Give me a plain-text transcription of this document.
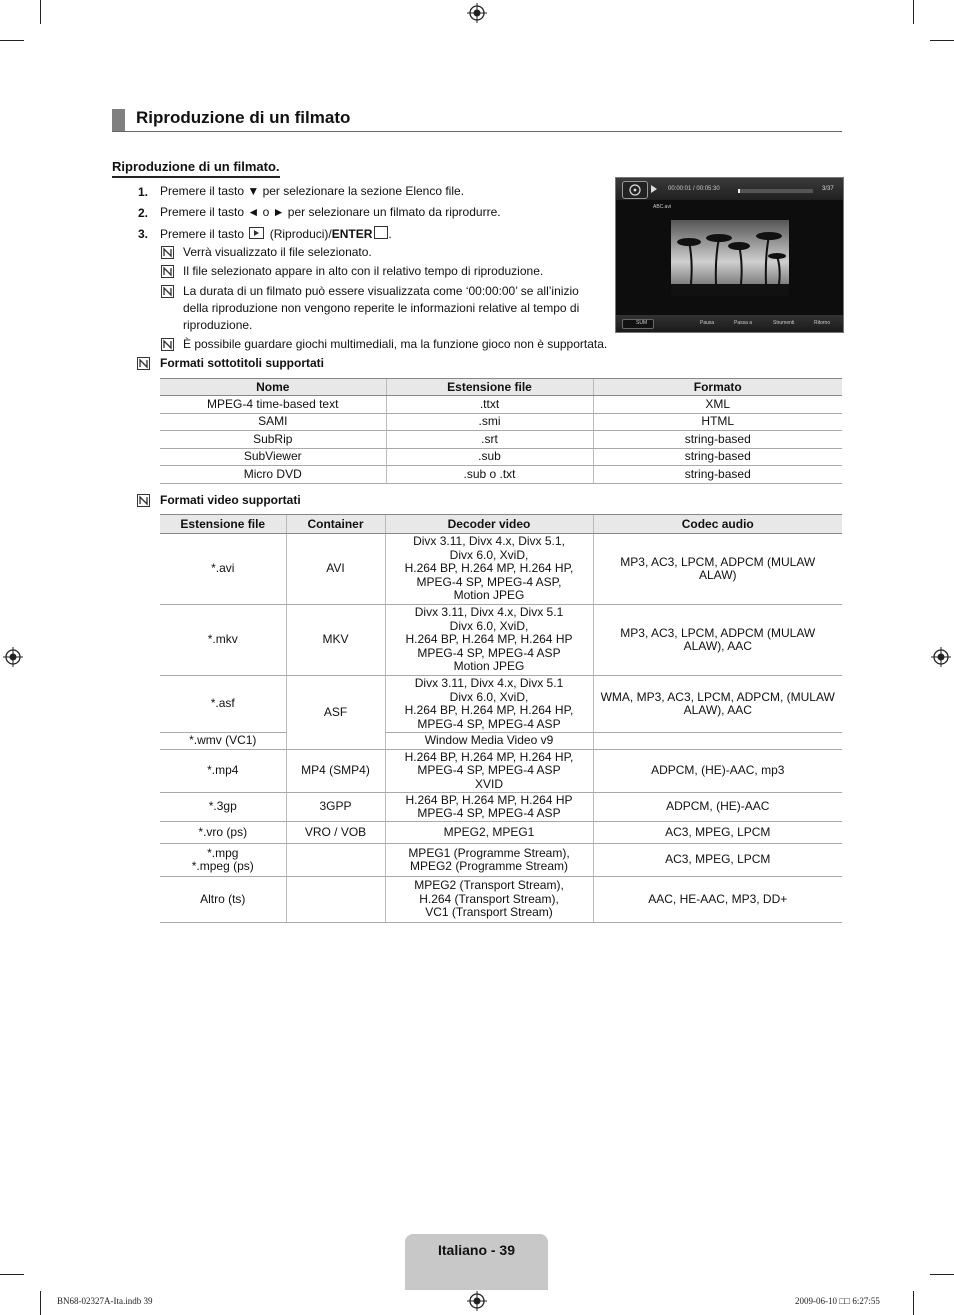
Riproduzione di un filmato
Riproduzione di un filmato.
1. Premere il tasto ▼ per selezionare la sezione Elenco file.
2. Premere il tasto ◄ o ► per selezionare un filmato da riprodurre.
3. Premere il tasto (Riproduci)/ENTER .
Verrà visualizzato il file selezionato.
Il file selezionato appare in alto con il relativo tempo di riproduzione.
La durata di un filmato può essere visualizzata come ‘00:00:00’ se all’inizio
della riproduzione non vengono reperite le informazioni relative al tempo di
riproduzione.
È possibile guardare giochi multimediali, ma la funzione gioco non è supportata.
00:00:01 / 00:05:30	3/37
ABC.avi
SUM	Pausa	Passa a	Strumenti	Ritorno
Formati sottotitoli supportati
Nome	Estensione file	Formato
MPEG-4 time-based text	.ttxt	XML
SAMI	.smi	HTML
SubRip	.srt	string-based
SubViewer	.sub	string-based
Micro DVD	.sub o .txt	string-based
Formati video supportati
Estensione file	Container	Decoder video	Codec audio
*.avi	AVI	Divx 3.11, Divx 4.x, Divx 5.1,
Divx 6.0, XviD,
H.264 BP, H.264 MP, H.264 HP,
MPEG-4 SP, MPEG-4 ASP,
Motion JPEG	MP3, AC3, LPCM, ADPCM (MULAW
ALAW)
*.mkv	MKV	Divx 3.11, Divx 4.x, Divx 5.1
Divx 6.0, XviD,
H.264 BP, H.264 MP, H.264 HP
MPEG-4 SP, MPEG-4 ASP
Motion JPEG	MP3, AC3, LPCM, ADPCM (MULAW
ALAW), AAC
*.asf	ASF	Divx 3.11, Divx 4.x, Divx 5.1
Divx 6.0, XviD,
H.264 BP, H.264 MP, H.264 HP,
MPEG-4 SP, MPEG-4 ASP	WMA, MP3, AC3, LPCM, ADPCM, (MULAW
ALAW), AAC
*.wmv (VC1)		Window Media Video v9	
*.mp4	MP4 (SMP4)	H.264 BP, H.264 MP, H.264 HP,
MPEG-4 SP, MPEG-4 ASP
XVID	ADPCM, (HE)-AAC, mp3
*.3gp	3GPP	H.264 BP, H.264 MP, H.264 HP
MPEG-4 SP, MPEG-4 ASP	ADPCM, (HE)-AAC
*.vro (ps)	VRO / VOB	MPEG2, MPEG1	AC3, MPEG, LPCM
*.mpg
*.mpeg (ps)		MPEG1 (Programme Stream),
MPEG2 (Programme Stream)	AC3, MPEG, LPCM
Altro (ts)		MPEG2 (Transport Stream),
H.264 (Transport Stream),
VC1 (Transport Stream)	AAC, HE-AAC, MP3, DD+
Italiano - 39
BN68-02327A-Ita.indb 39	2009-06-10 □□ 6:27:55
